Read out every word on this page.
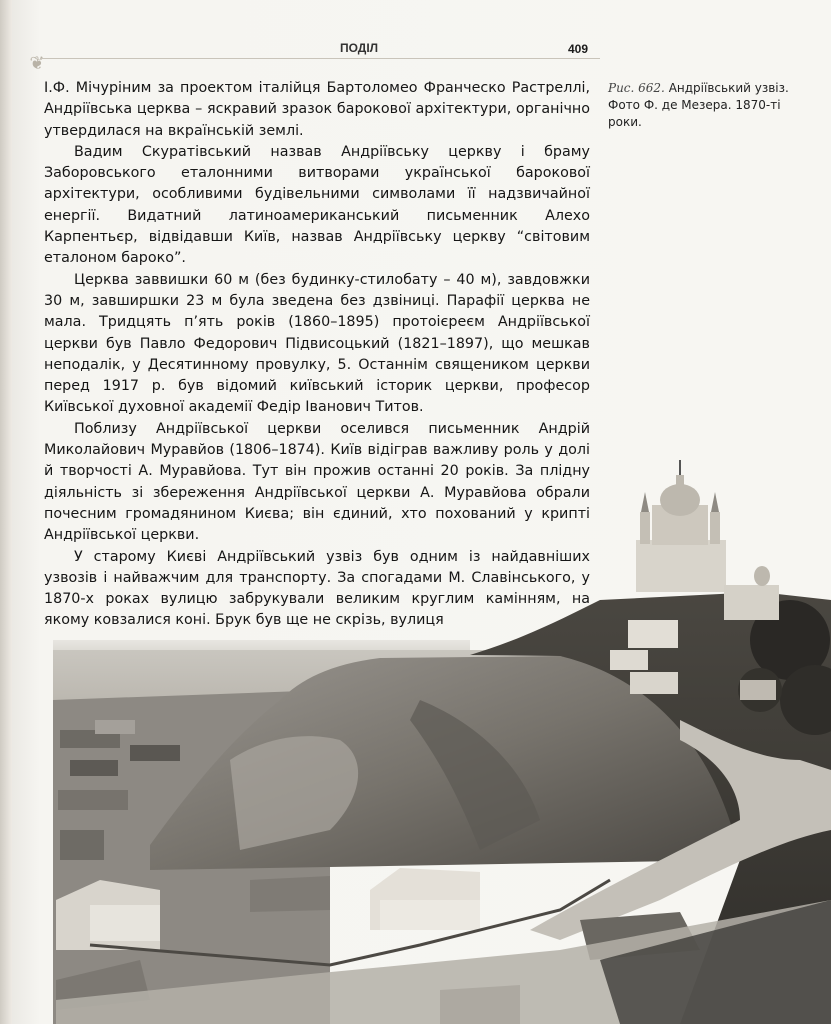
❦
ПОДІЛ	409

І.Ф. Мічуріним за проектом італійця Бартоломео Франческо Растреллі, Андріївська церква – яскравий зразок барокової архітектури, органічно утвердилася на вкраїнській землі.

Вадим Скуратівський назвав Андріївську церкву і браму Заборовського еталонними витворами української барокової архітектури, особливими будівельними символами її надзвичайної енергії. Видатний латиноамериканський письменник Алехо Карпентьєр, відвідавши Київ, назвав Андріївську церкву “світовим еталоном бароко”.

Церква заввишки 60 м (без будинку-стилобату – 40 м), завдовжки 30 м, завширшки 23 м була зведена без дзвіниці. Парафії церква не мала. Тридцять п’ять років (1860–1895) протоієреєм Андріївської церкви був Павло Федорович Підвисоцький (1821–1897), що мешкав неподалік, у Десятинному провулку, 5. Останнім священиком церкви перед 1917 р. був відомий київський історик церкви, професор Київської духовної академії Федір Іванович Титов.

Поблизу Андріївської церкви оселився письменник Андрій Миколайович Муравйов (1806–1874). Київ відіграв важливу роль у долі й творчості А. Муравйова. Тут він прожив останні 20 років. За плідну діяльність зі збереження Андріївської церкви А. Муравйова обрали почесним громадянином Києва; він єдиний, хто похований у крипті Андріївської церкви.

У старому Києві Андріївський узвіз був одним із найдавніших узвозів і найважчим для транспорту. За спогадами М. Славінського, у 1870-х роках вулицю забрукували великим круглим камінням, на якому ковзалися коні. Брук був ще не скрізь, вулиця

Рис. 662. Андріївський узвіз.
Фото Ф. де Мезера. 1870-ті роки.
